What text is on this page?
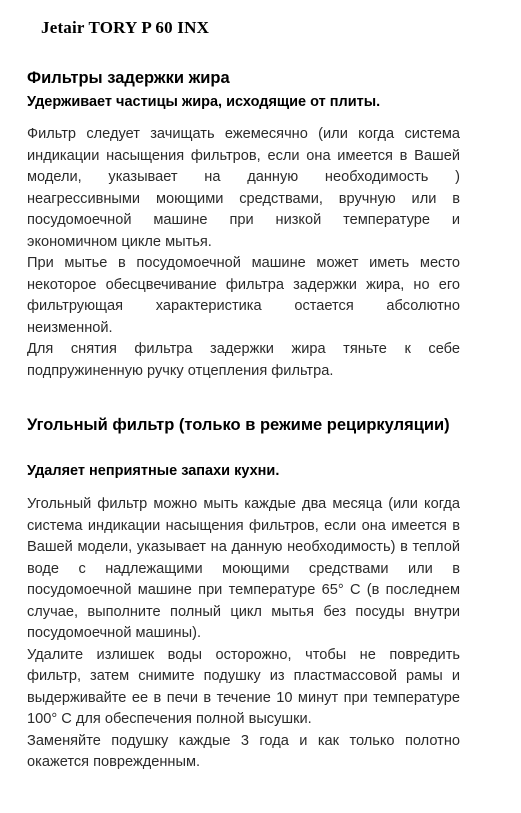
Jetair TORY P 60 INX
Фильтры задержки жира
Удерживает частицы жира, исходящие от плиты.

Фильтр следует зачищать ежемесячно (или когда система индикации насыщения фильтров, если она имеется в Вашей модели, указывает на данную необходимость ) неагрессивными моющими средствами, вручную или в посудомоечной машине при низкой температуре и экономичном цикле мытья.

При мытье в посудомоечной машине может иметь место некоторое обесцвечивание фильтра задержки жира, но его фильтрующая характеристика остается абсолютно неизменной.

Для снятия фильтра задержки жира тяньте к себе подпружиненную ручку отцепления фильтра.

Угольный фильтр (только в режиме рециркуляции)
Удаляет неприятные запахи кухни.

Угольный фильтр можно мыть каждые два месяца (или когда система индикации насыщения фильтров, если она имеется в Вашей модели, указывает на данную необходимость) в теплой воде с надлежащими моющими средствами или в посудомоечной машине при температуре 65° С (в последнем случае, выполните полный цикл мытья без посуды внутри посудомоечной машины).

Удалите излишек воды осторожно, чтобы не повредить фильтр, затем снимите подушку из пластмассовой рамы и выдерживайте ее в печи в течение 10 минут при температуре 100° С для обеспечения полной высушки.

Заменяйте подушку каждые 3 года и как только полотно окажется поврежденным.
